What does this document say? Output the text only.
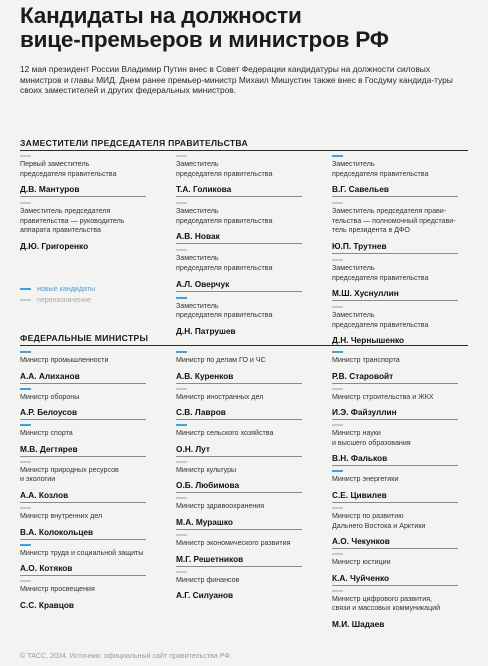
Кандидаты на должности
вице-премьеров и министров РФ

12 мая президент России Владимир Путин внес в Совет Федерации кандидатуры на должности силовых министров и главы МИД. Днем ранее премьер-министр Михаил Мишустин также внес в Госдуму кандида-туры своих заместителей и других федеральных министров.

ЗАМЕСТИТЕЛИ ПРЕДСЕДАТЕЛЯ ПРАВИТЕЛЬСТВА

Первый заместитель
председателя правительства
Д.В. Мантуров
Заместитель председателя
правительства — руководитель
аппарата правительства
Д.Ю. Григоренко
Заместитель
председателя правительства
Т.А. Голикова
Заместитель
председателя правительства
А.В. Новак
Заместитель
председателя правительства
А.Л. Оверчук
Заместитель
председателя правительства
Д.Н. Патрушев
Заместитель
председателя правительства
В.Г. Савельев
Заместитель председателя прави-
тельства — полномочный представи-
тель президента в ДФО
Ю.П. Трутнев
Заместитель
председателя правительства
М.Ш. Хуснуллин
Заместитель
председателя правительства
Д.Н. Чернышенко
новые кандидаты
переназначение

ФЕДЕРАЛЬНЫЕ МИНИСТРЫ

Министр промышленности
А.А. Алиханов
Министр обороны
А.Р. Белоусов
Министр спорта
М.В. Дегтярев
Министр природных ресурсов
и экологии
А.А. Козлов
Министр внутренних дел
В.А. Колокольцев
Министр труда и социальной защиты
А.О. Котяков
Министр просвещения
С.С. Кравцов
Министр по делам ГО и ЧС
А.В. Куренков
Министр иностранных дел
С.В. Лавров
Министр сельского хозяйства
О.Н. Лут
Министр культуры
О.Б. Любимова
Министр здравоохранения
М.А. Мурашко
Министр экономического развития
М.Г. Решетников
Министр финансов
А.Г. Силуанов
Министр транспорта
Р.В. Старовойт
Министр строительства и ЖКХ
И.Э. Файзуллин
Министр науки
и высшего образования
В.Н. Фальков
Министр энергетики
С.Е. Цивилев
Министр по развитию
Дальнего Востока и Арктики
А.О. Чекунков
Министр юстиции
К.А. Чуйченко
Министр цифрового развития,
связи и массовых коммуникаций
М.И. Шадаев

© ТАСС, 2024. Источник: официальный сайт правительства РФ.
